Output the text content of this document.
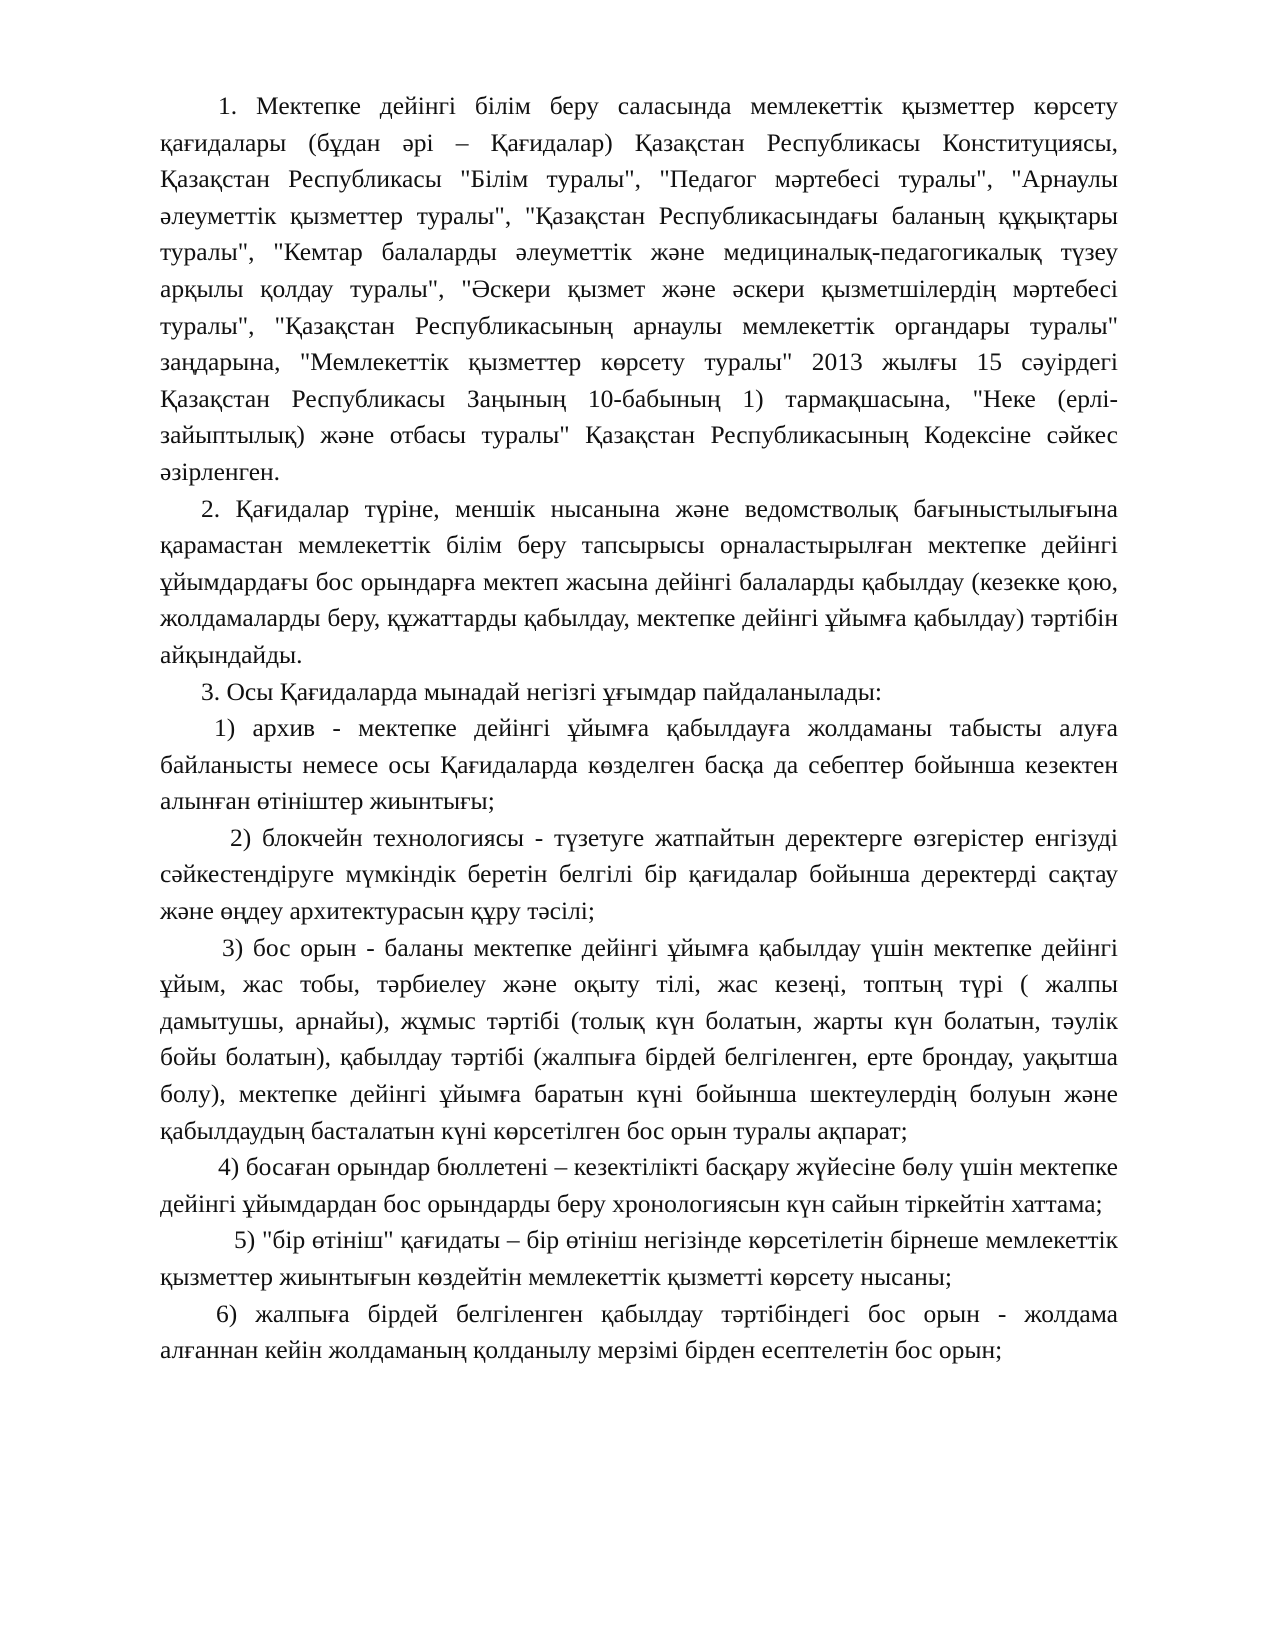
1. Мектепке дейінгі білім беру саласында мемлекеттік қызметтер көрсету қағидалары (бұдан әрі – Қағидалар) Қазақстан Республикасы Конституциясы, Қазақстан Республикасы "Білім туралы", "Педагог мәртебесі туралы", "Арнаулы әлеуметтік қызметтер туралы", "Қазақстан Республикасындағы баланың құқықтары туралы", "Кемтар балаларды әлеуметтік және медициналық-педагогикалық түзеу арқылы қолдау туралы", "Әскери қызмет және әскери қызметшілердің мәртебесі туралы", "Қазақстан Республикасының арнаулы мемлекеттік органдары туралы" заңдарына, "Мемлекеттік қызметтер көрсету туралы" 2013 жылғы 15 сәуірдегі Қазақстан Республикасы Заңының 10-бабының 1) тармақшасына, "Неке (ерлі-зайыптылық) және отбасы туралы" Қазақстан Республикасының Кодексіне сәйкес әзірленген.

2. Қағидалар түріне, меншік нысанына және ведомстволық бағыныстылығына қарамастан мемлекеттік білім беру тапсырысы орналастырылған мектепке дейінгі ұйымдардағы бос орындарға мектеп жасына дейінгі балаларды қабылдау (кезекке қою, жолдамаларды беру, құжаттарды қабылдау, мектепке дейінгі ұйымға қабылдау) тәртібін айқындайды.

3. Осы Қағидаларда мынадай негізгі ұғымдар пайдаланылады:

1) архив - мектепке дейінгі ұйымға қабылдауға жолдаманы табысты алуға байланысты немесе осы Қағидаларда көзделген басқа да себептер бойынша кезектен алынған өтініштер жиынтығы;

2) блокчейн технологиясы - түзетуге жатпайтын деректерге өзгерістер енгізуді сәйкестендіруге мүмкіндік беретін белгілі бір қағидалар бойынша деректерді сақтау және өңдеу архитектурасын құру тәсілі;

3) бос орын - баланы мектепке дейінгі ұйымға қабылдау үшін мектепке дейінгі ұйым, жас тобы, тәрбиелеу және оқыту тілі, жас кезеңі, топтың түрі ( жалпы дамытушы, арнайы), жұмыс тәртібі (толық күн болатын, жарты күн болатын, тәулік бойы болатын), қабылдау тәртібі (жалпыға бірдей белгіленген, ерте брондау, уақытша болу), мектепке дейінгі ұйымға баратын күні бойынша шектеулердің болуын және қабылдаудың басталатын күні көрсетілген бос орын туралы ақпарат;

4) босаған орындар бюллетені – кезектілікті басқару жүйесіне бөлу үшін мектепке дейінгі ұйымдардан бос орындарды беру хронологиясын күн сайын тіркейтін хаттама;

5) "бір өтініш" қағидаты – бір өтініш негізінде көрсетілетін бірнеше мемлекеттік қызметтер жиынтығын көздейтін мемлекеттік қызметті көрсету нысаны;

6) жалпыға бірдей белгіленген қабылдау тәртібіндегі бос орын - жолдама алғаннан кейін жолдаманың қолданылу мерзімі бірден есептелетін бос орын;
